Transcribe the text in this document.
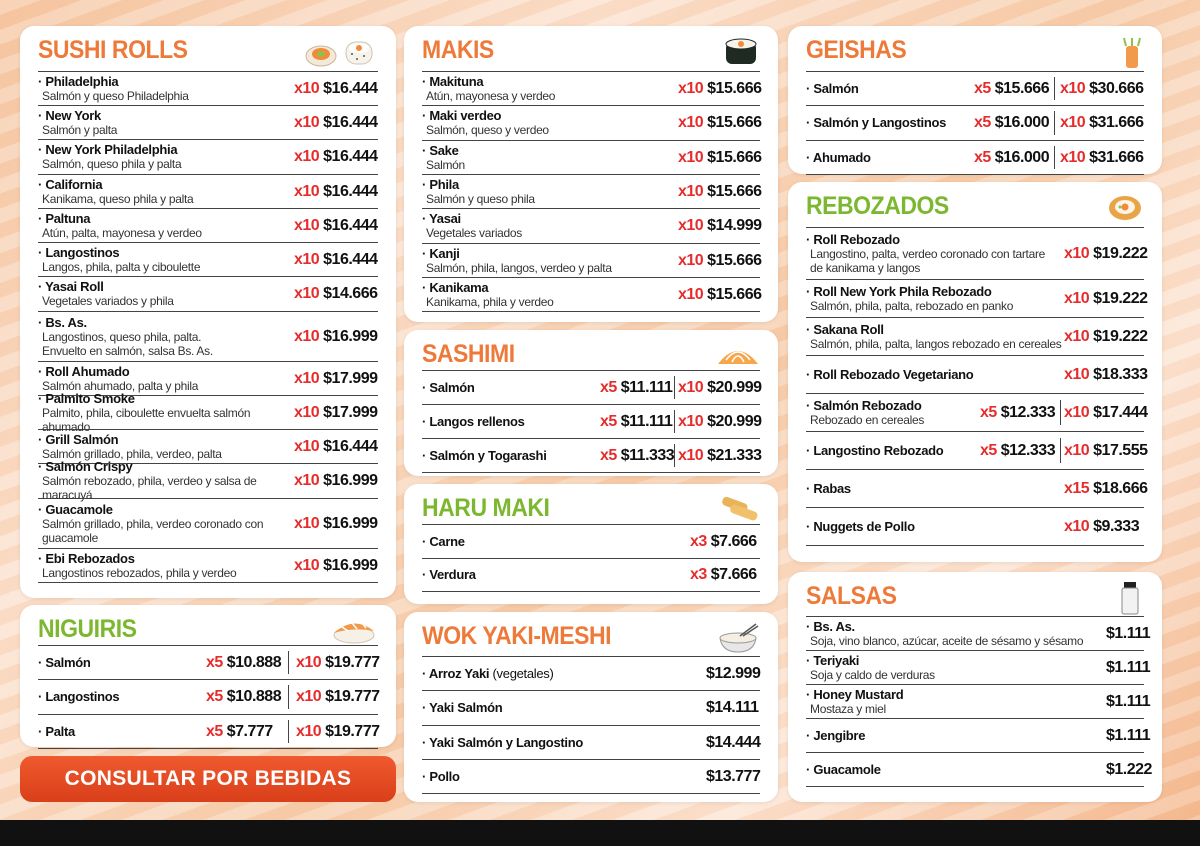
SUSHI ROLLS
· Philadelphia
Salmón y queso Philadelphia	x10 $16.444
· New York
Salmón y palta	x10 $16.444
· New York Philadelphia
Salmón, queso phila y palta	x10 $16.444
· California
Kanikama, queso phila y palta	x10 $16.444
· Paltuna
Atún, palta, mayonesa y verdeo	x10 $16.444
· Langostinos
Langos, phila, palta y ciboulette	x10 $16.444
· Yasai Roll
Vegetales variados y phila	x10 $14.666
· Bs. As.
Langostinos, queso phila, palta.
Envuelto en salmón, salsa Bs. As.
x10 $16.999
· Roll Ahumado
Salmón ahumado, palta y phila	x10 $17.999
· Palmito Smoke
Palmito, phila, ciboulette envuelta salmón ahumado
x10 $17.999
· Grill Salmón
Salmón grillado, phila, verdeo, palta	x10 $16.444
· Salmón Crispy
Salmón rebozado, phila, verdeo y salsa de maracuyá
x10 $16.999
· Guacamole
Salmón grillado, phila, verdeo coronado con
guacamole
x10 $16.999
· Ebi Rebozados
Langostinos rebozados, phila y verdeo	x10 $16.999
NIGUIRIS
· Salmón	x5 $10.888 x10 $19.777
· Langostinos	x5 $10.888 x10 $19.777
· Palta	x5 $7.777 x10 $19.777
CONSULTAR POR BEBIDAS
MAKIS
· Makituna
Atún, mayonesa y verdeo	x10 $15.666
· Maki verdeo
Salmón, queso y verdeo	x10 $15.666
· Sake
Salmón	x10 $15.666
· Phila
Salmón y queso phila	x10 $15.666
· Yasai
Vegetales variados	x10 $14.999
· Kanji
Salmón, phila, langos, verdeo y palta	x10 $15.666
· Kanikama
Kanikama, phila y verdeo	x10 $15.666
SASHIMI
· Salmón	x5 $11.111 x10 $20.999
· Langos rellenos	x5 $11.111 x10 $20.999
· Salmón y Togarashi	x5 $11.333 x10 $21.333
HARU MAKI
· Carne	x3 $7.666
· Verdura	x3 $7.666
WOK YAKI-MESHI
· Arroz Yaki (vegetales)	$12.999
· Yaki Salmón	$14.111
· Yaki Salmón y Langostino	$14.444
· Pollo	$13.777
GEISHAS
· Salmón	x5 $15.666 x10 $30.666
· Salmón y Langostinos	x5 $16.000 x10 $31.666
· Ahumado	x5 $16.000 x10 $31.666
REBOZADOS
· Roll Rebozado
Langostino, palta, verdeo coronado con tartare
de kanikama y langos
x10 $19.222
· Roll New York Phila Rebozado
Salmón, phila, palta, rebozado en panko	x10 $19.222
· Sakana Roll
Salmón, phila, palta, langos rebozado en cereales x10 $19.222
· Roll Rebozado Vegetariano	x10 $18.333
· Salmón Rebozado
Rebozado en cereales	x5 $12.333 x10 $17.444
· Langostino Rebozado	x5 $12.333 x10 $17.555
· Rabas	x15 $18.666
· Nuggets de Pollo	x10 $9.333
SALSAS
· Bs. As.
Soja, vino blanco, azúcar, aceite de sésamo y sésamo	$1.111
· Teriyaki
Soja y caldo de verduras	$1.111
· Honey Mustard
Mostaza y miel	$1.111
· Jengibre	$1.111
· Guacamole	$1.222
